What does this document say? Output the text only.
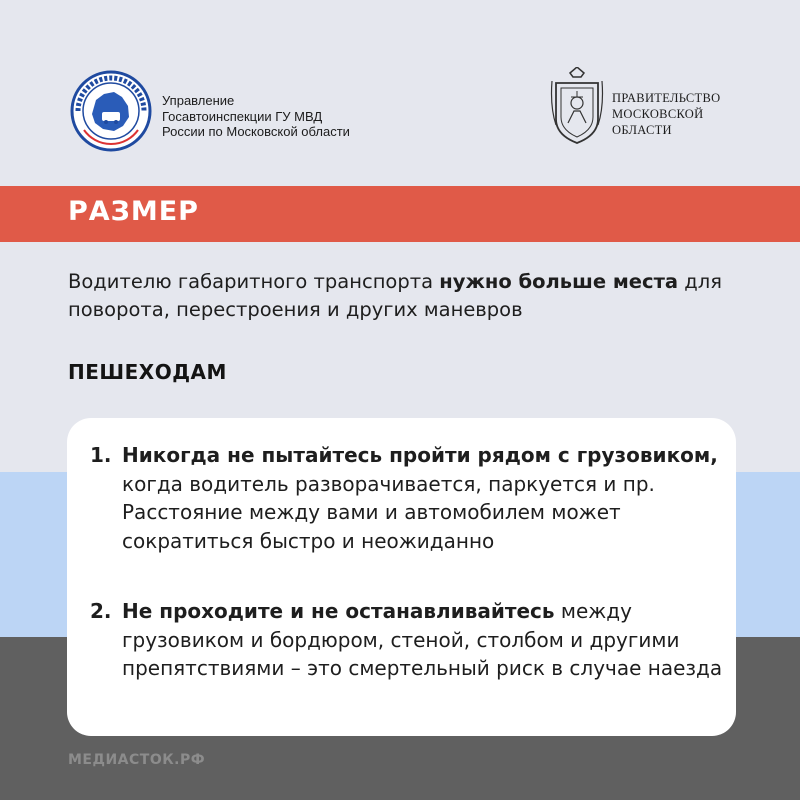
Управление
Госавтоинспекции ГУ МВД
России по Московской области
ПРАВИТЕЛЬСТВО
МОСКОВСКОЙ
ОБЛАСТИ
РАЗМЕР

Водителю габаритного транспорта нужно больше места для поворота, перестроения и других маневров

ПЕШЕХОДАМ
1. Никогда не пытайтесь пройти рядом с грузовиком, когда водитель разворачивается, паркуется и пр. Расстояние между вами и автомобилем может сократиться быстро и неожиданно
2. Не проходите и не останавливайтесь между грузовиком и бордюром, стеной, столбом и другими препятствиями – это смертельный риск в случае наезда
МЕДИАСТОК.РФ
